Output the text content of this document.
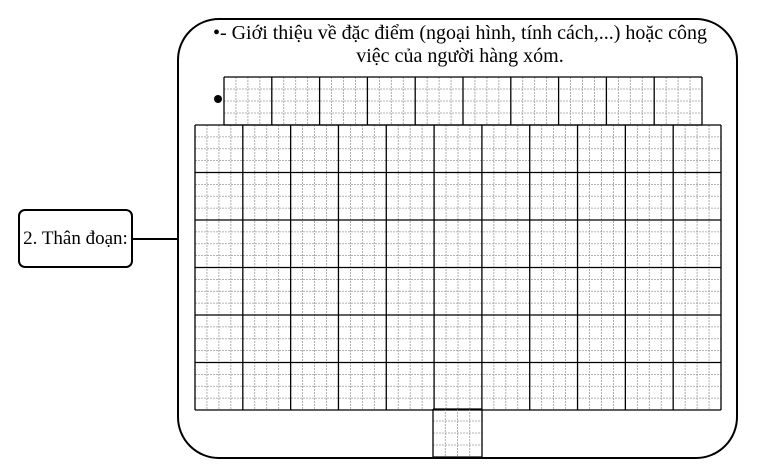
2. Thân đoạn:
•- Giới thiệu về đặc điểm (ngoại hình, tính cách,...) hoặc công việc của người hàng xóm.
